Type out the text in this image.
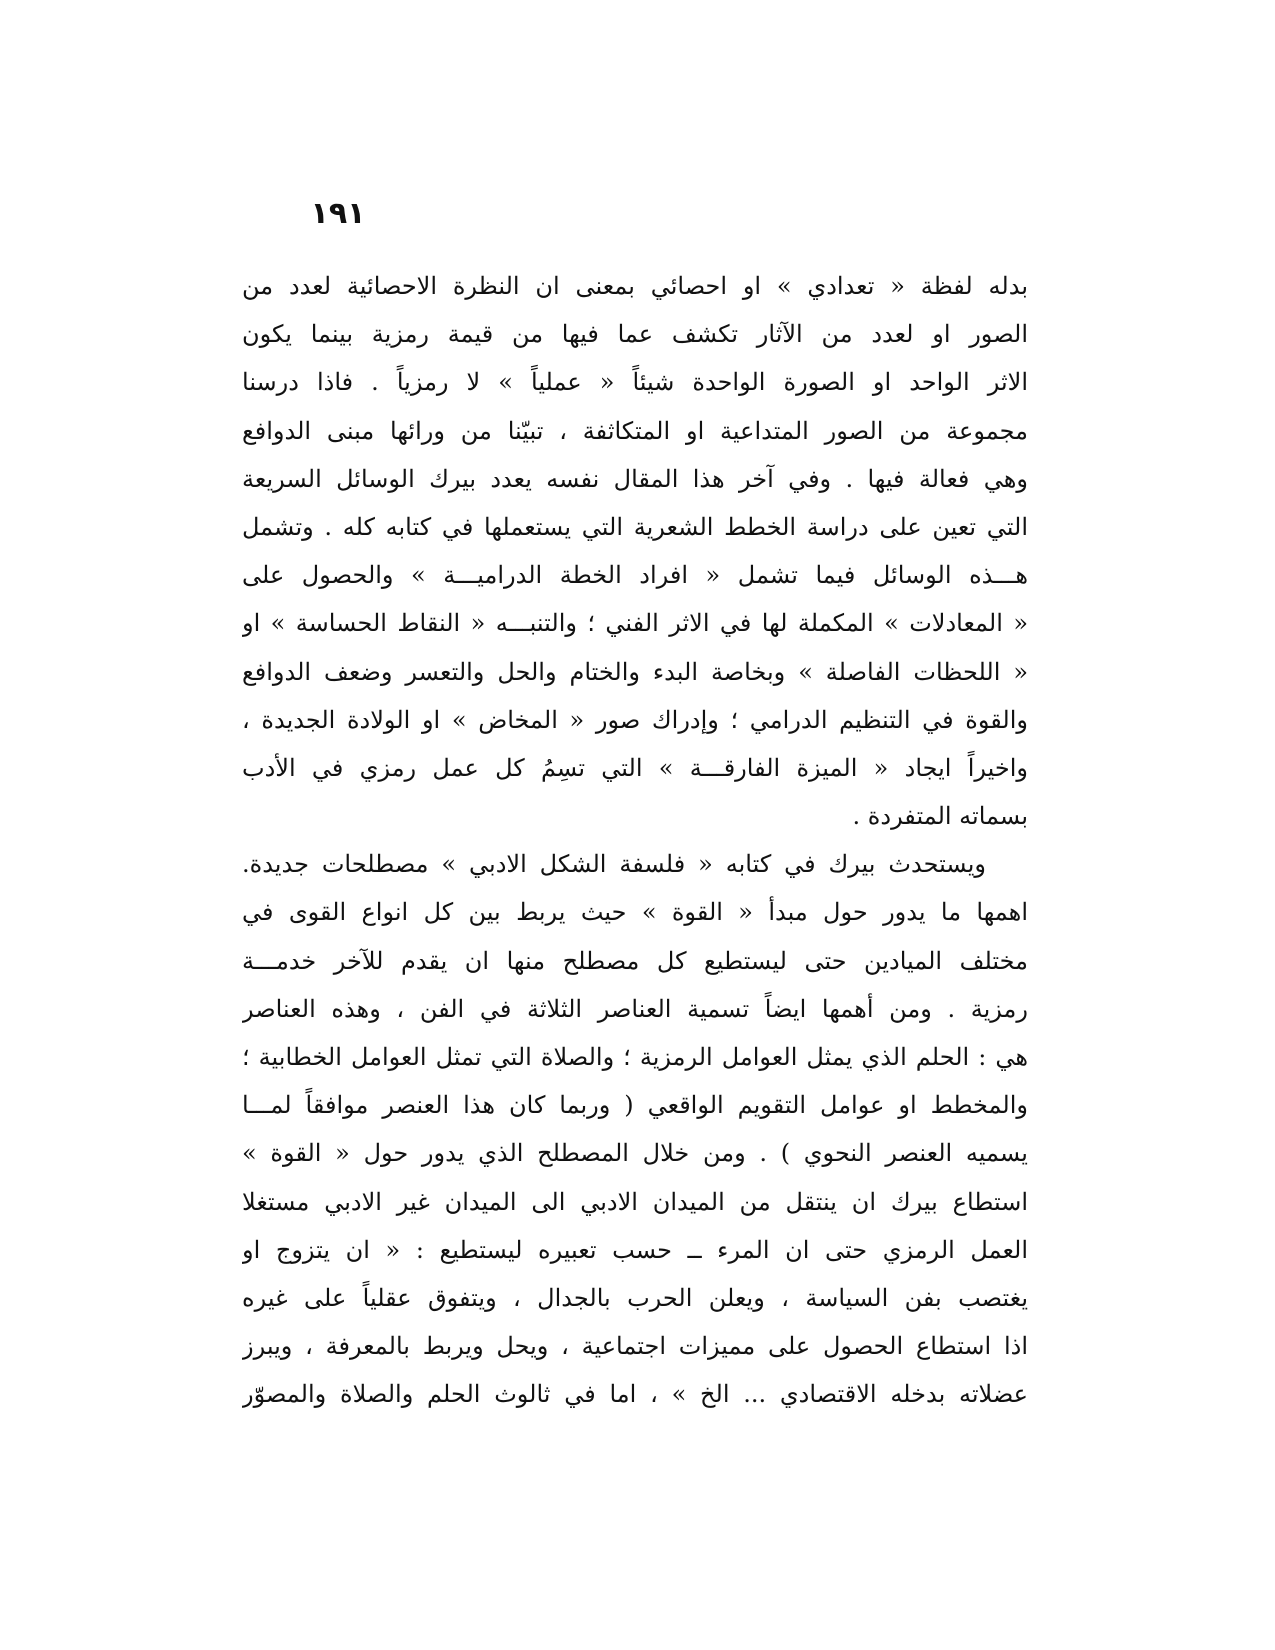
١٩١
بدله لفظة « تعدادي » او احصائي بمعنى ان النظرة الاحصائية لعدد من
الصور او لعدد من الآثار تكشف عما فيها من قيمة رمزية بينما يكون
الاثر الواحد او الصورة الواحدة شيئاً « عملياً » لا رمزياً . فاذا درسنا
مجموعة من الصور المتداعية او المتكاثفة ، تبيّنا من ورائها مبنى الدوافع
وهي فعالة فيها . وفي آخر هذا المقال نفسه يعدد بيرك الوسائل السريعة
التي تعين على دراسة الخطط الشعرية التي يستعملها في كتابه كله . وتشمل
هـــذه الوسائل فيما تشمل « افراد الخطة الدراميـــة » والحصول على
« المعادلات » المكملة لها في الاثر الفني ؛ والتنبـــه « النقاط الحساسة » او
« اللحظات الفاصلة » وبخاصة البدء والختام والحل والتعسر وضعف الدوافع
والقوة في التنظيم الدرامي ؛ وإدراك صور « المخاض » او الولادة الجديدة ،
واخيراً ايجاد « الميزة الفارقـــة » التي تسِمُ كل عمل رمزي في الأدب
بسماته المتفردة .
ويستحدث بيرك في كتابه « فلسفة الشكل الادبي » مصطلحات جديدة.
اهمها ما يدور حول مبدأ « القوة » حيث يربط بين كل انواع القوى في
مختلف الميادين حتى ليستطيع كل مصطلح منها ان يقدم للآخر خدمـــة
رمزية . ومن أهمها ايضاً تسمية العناصر الثلاثة في الفن ، وهذه العناصر
هي : الحلم الذي يمثل العوامل الرمزية ؛ والصلاة التي تمثل العوامل الخطابية ؛
والمخطط او عوامل التقويم الواقعي ( وربما كان هذا العنصر موافقاً لمـــا
يسميه العنصر النحوي ) . ومن خلال المصطلح الذي يدور حول « القوة »
استطاع بيرك ان ينتقل من الميدان الادبي الى الميدان غير الادبي مستغلا
العمل الرمزي حتى ان المرء ــ حسب تعبيره ليستطيع : « ان يتزوج او
يغتصب بفن السياسة ، ويعلن الحرب بالجدال ، ويتفوق عقلياً على غيره
اذا استطاع الحصول على مميزات اجتماعية ، ويحل ويربط بالمعرفة ، ويبرز
عضلاته بدخله الاقتصادي ... الخ » ، اما في ثالوث الحلم والصلاة والمصوّر
